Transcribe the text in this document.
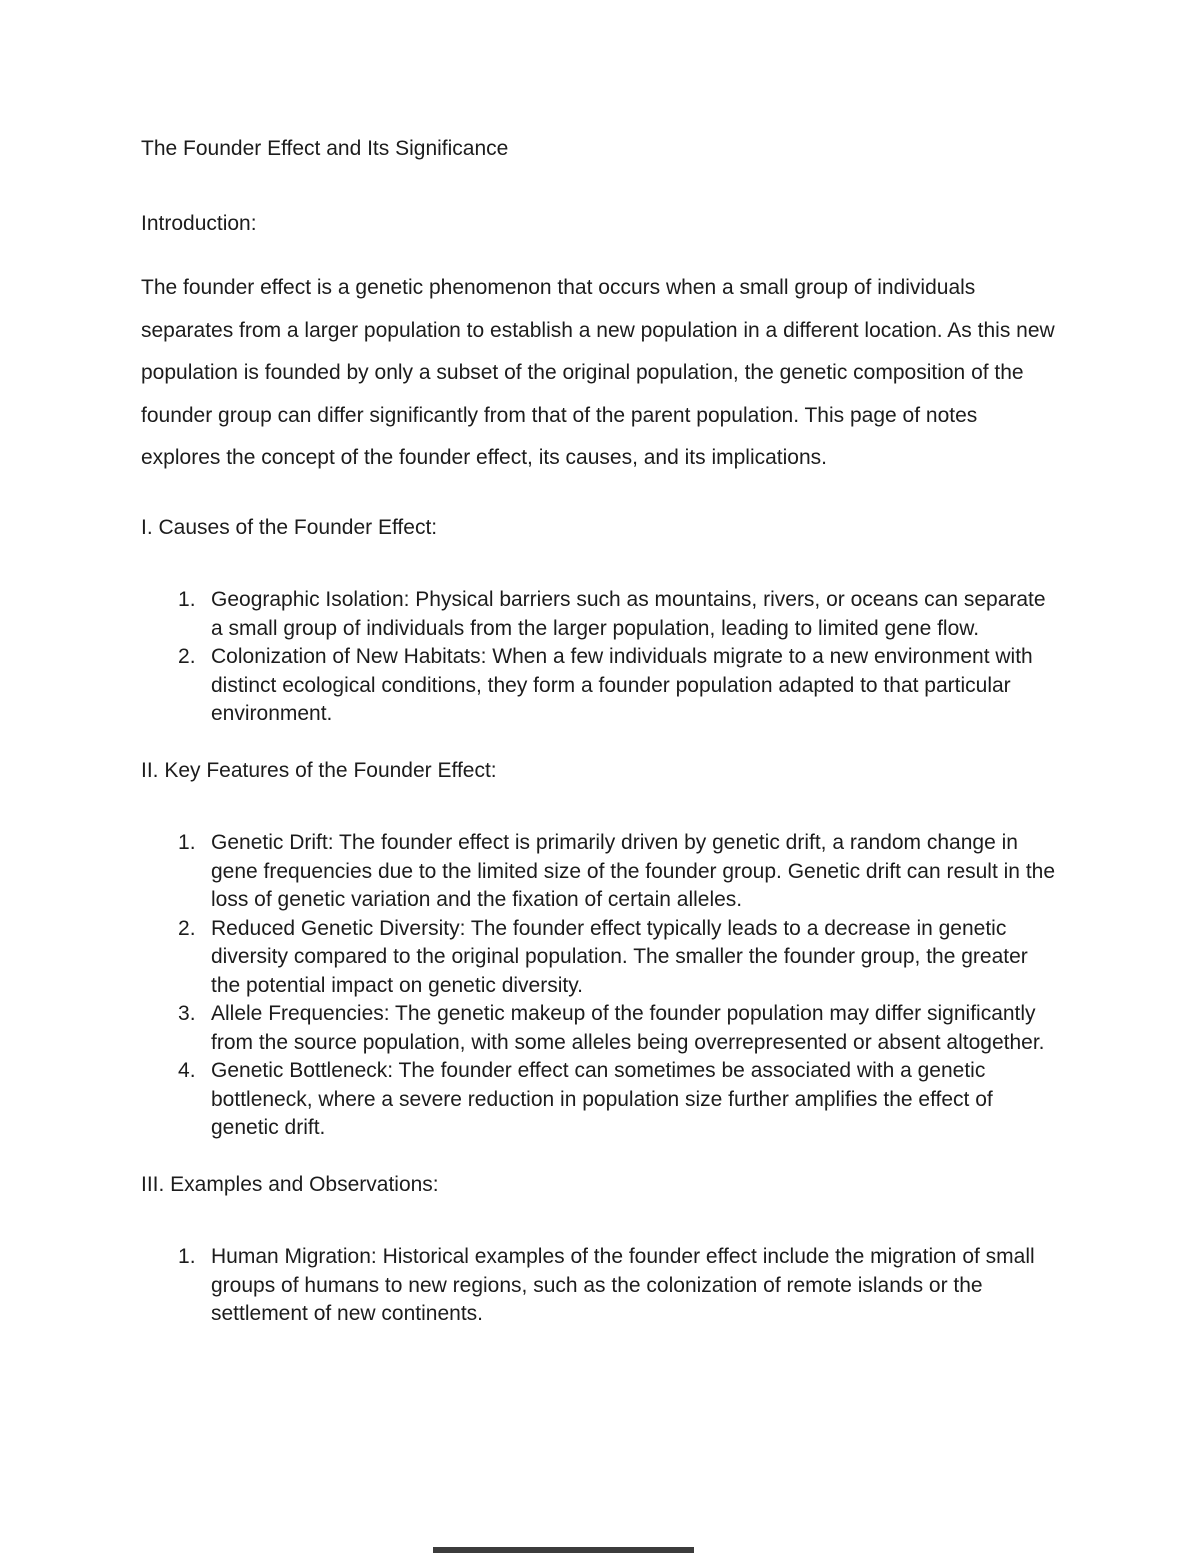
The Founder Effect and Its Significance

Introduction:

The founder effect is a genetic phenomenon that occurs when a small group of individuals separates from a larger population to establish a new population in a different location. As this new population is founded by only a subset of the original population, the genetic composition of the founder group can differ significantly from that of the parent population. This page of notes explores the concept of the founder effect, its causes, and its implications.

I. Causes of the Founder Effect:

Geographic Isolation: Physical barriers such as mountains, rivers, or oceans can separate a small group of individuals from the larger population, leading to limited gene flow.
Colonization of New Habitats: When a few individuals migrate to a new environment with distinct ecological conditions, they form a founder population adapted to that particular environment.

II. Key Features of the Founder Effect:

Genetic Drift: The founder effect is primarily driven by genetic drift, a random change in gene frequencies due to the limited size of the founder group. Genetic drift can result in the loss of genetic variation and the fixation of certain alleles.
Reduced Genetic Diversity: The founder effect typically leads to a decrease in genetic diversity compared to the original population. The smaller the founder group, the greater the potential impact on genetic diversity.
Allele Frequencies: The genetic makeup of the founder population may differ significantly from the source population, with some alleles being overrepresented or absent altogether.
Genetic Bottleneck: The founder effect can sometimes be associated with a genetic bottleneck, where a severe reduction in population size further amplifies the effect of genetic drift.

III. Examples and Observations:

Human Migration: Historical examples of the founder effect include the migration of small groups of humans to new regions, such as the colonization of remote islands or the settlement of new continents.
